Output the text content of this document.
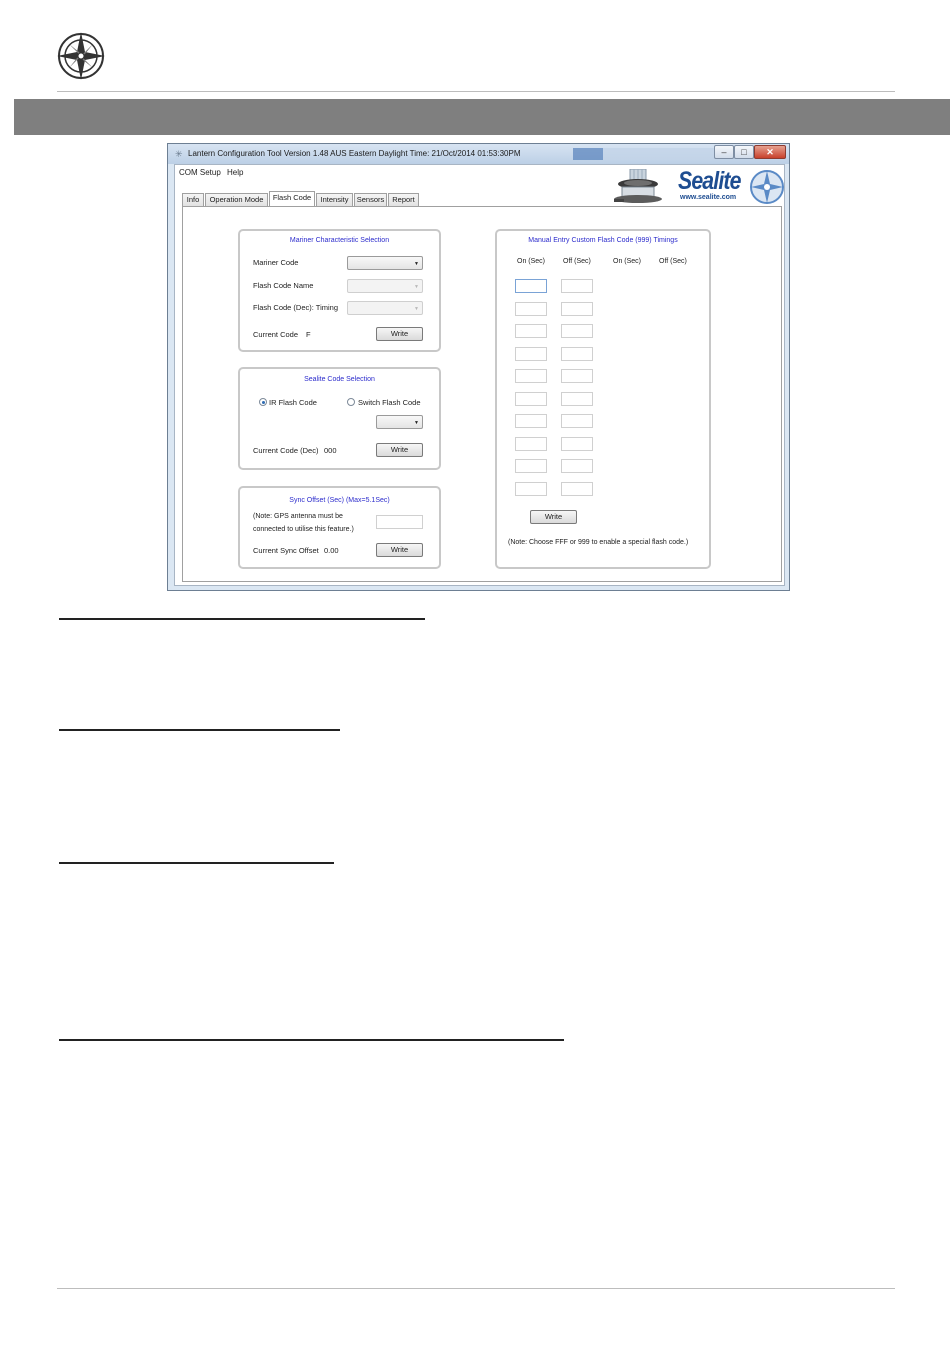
✳ Lantern Configuration Tool Version 1.48 AUS Eastern Daylight Time: 21/Oct/2014 01:53:30PM	–	□	✕
COM Setup Help	Sealite
www.sealite.com
Info	Operation Mode	Flash Code	Intensity	Sensors	Report
Mariner Characteristic Selection
Mariner Code	▼
Flash Code Name	▼
Flash Code (Dec): Timing	▼
Current Code F	Write
Sealite Code Selection
IR Flash Code	Switch Flash Code
▼
Current Code (Dec) 000	Write
Sync Offset (Sec) (Max=5.1Sec)
(Note: GPS antenna must be
connected to utilise this feature.)
Current Sync Offset 0.00	Write
Manual Entry Custom Flash Code (999) Timings
On (Sec)	Off (Sec)	On (Sec)	Off (Sec)
Write
(Note: Choose FFF or 999 to enable a special flash code.)
